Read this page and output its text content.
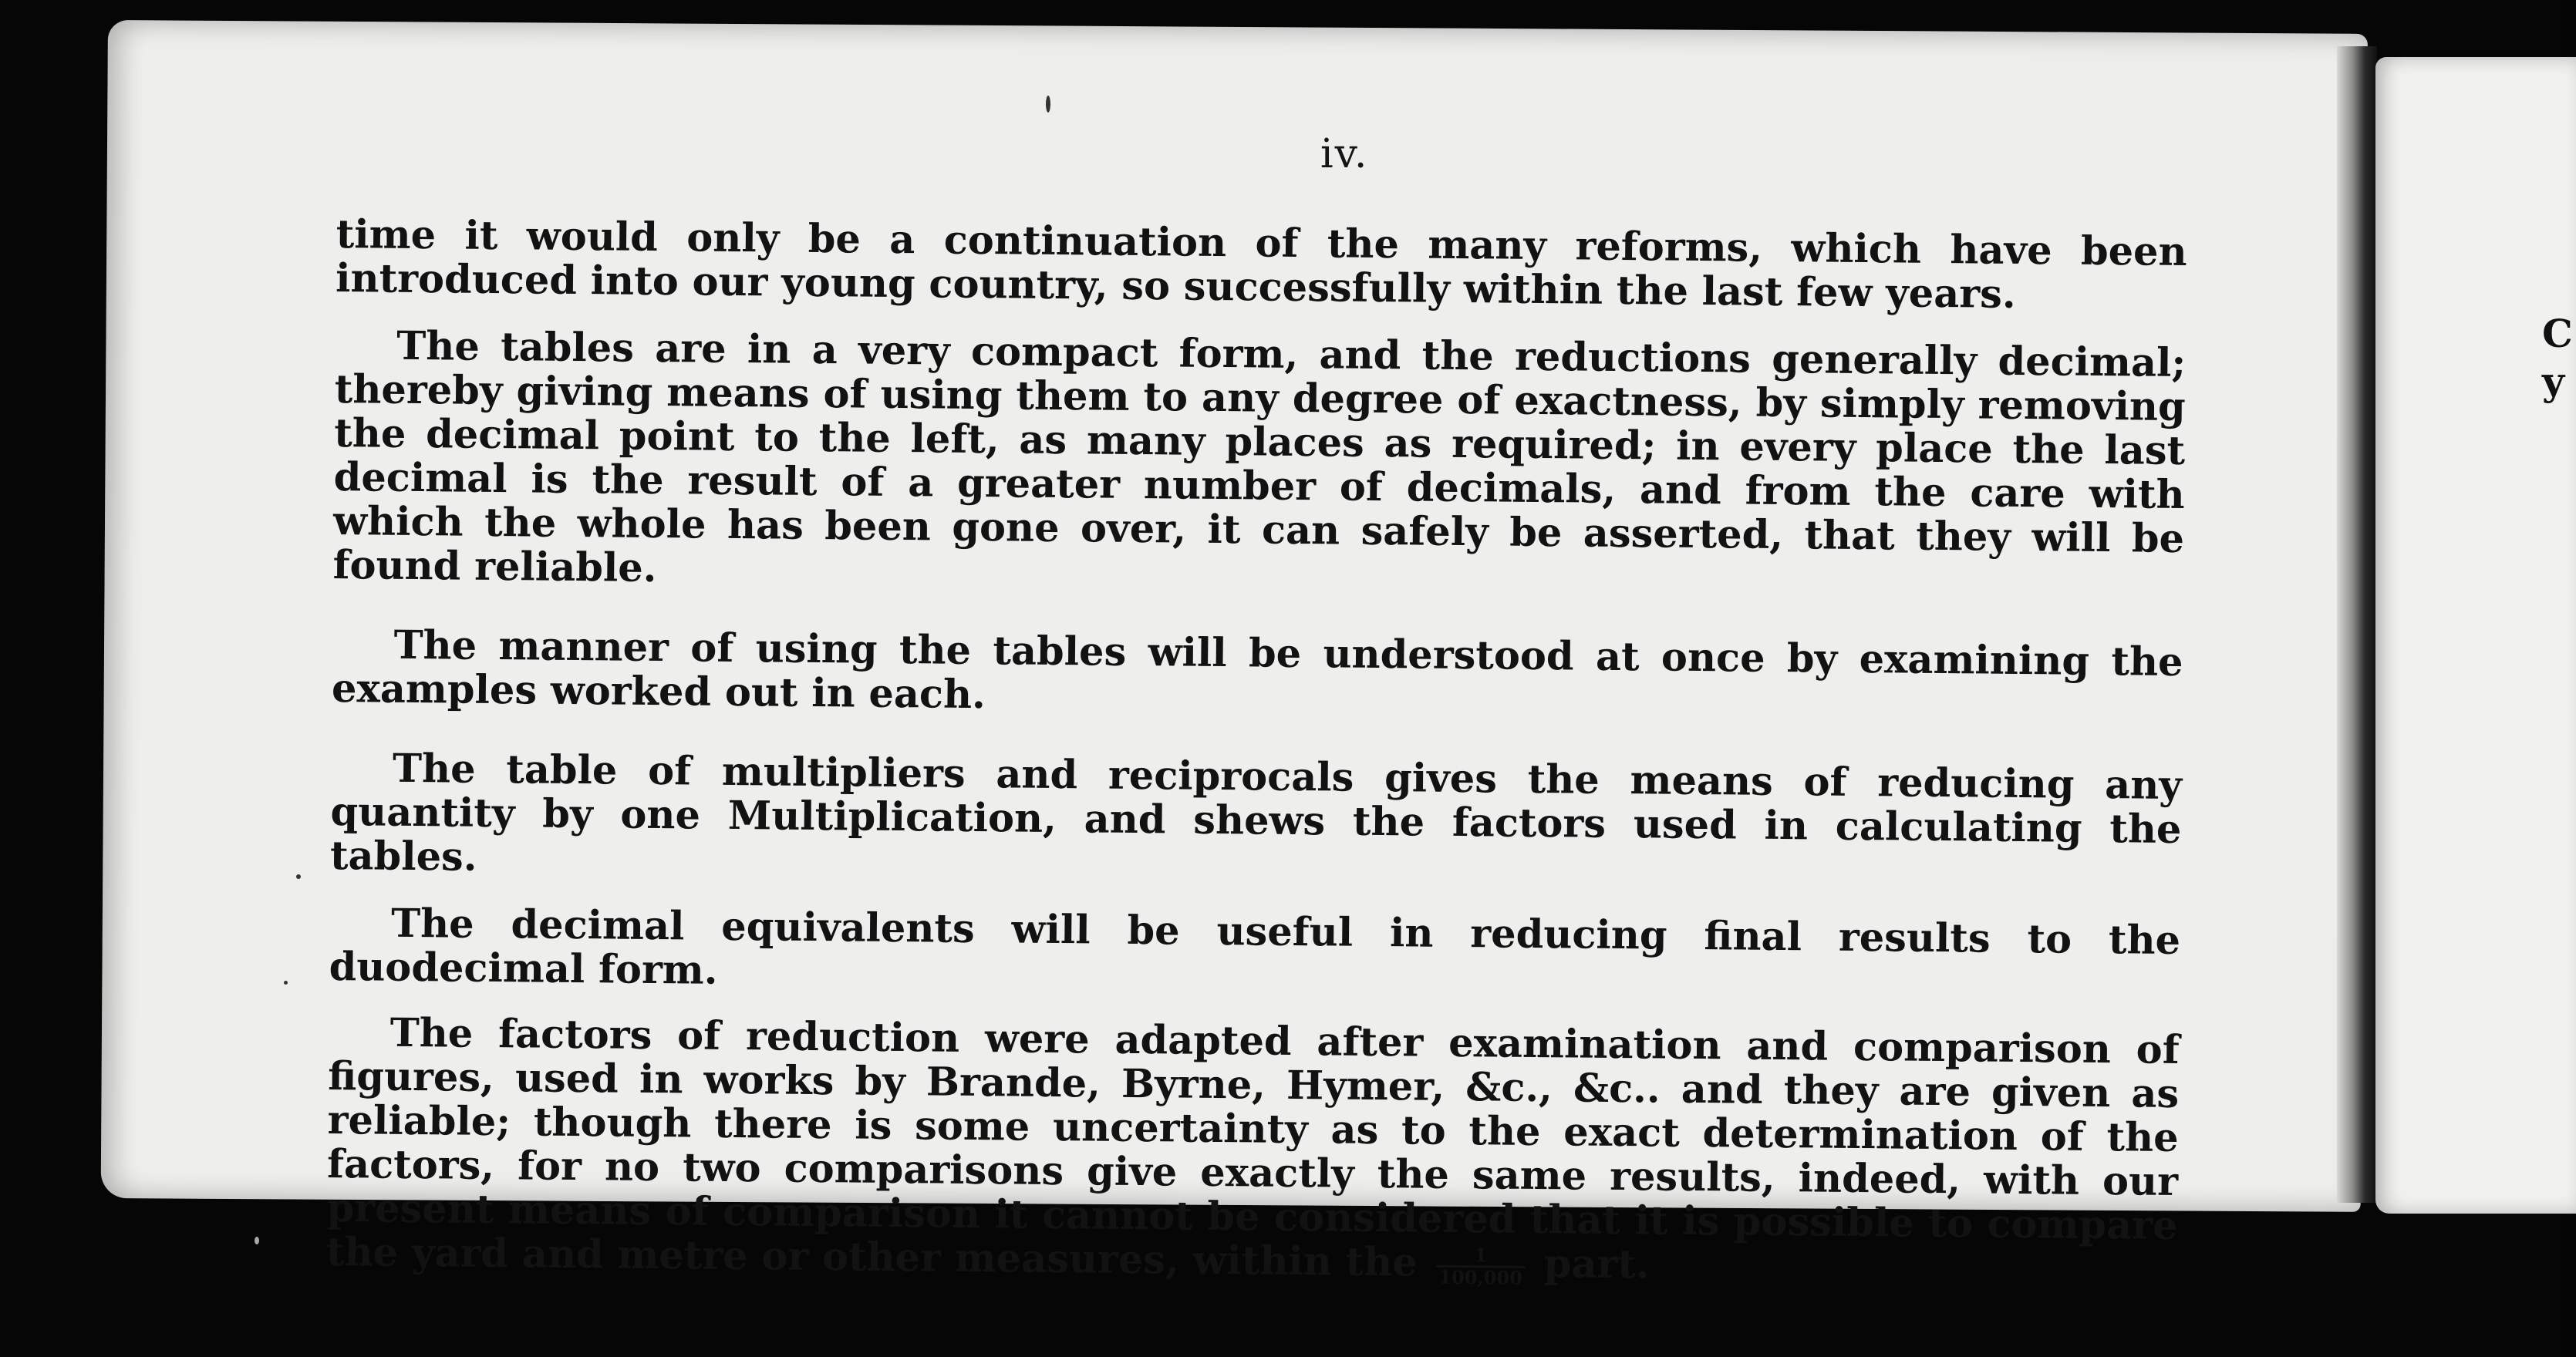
C
y
iv.

time it would only be a continuation of the many reforms, which have been introduced into our young country, so successfully within the last few years.

The tables are in a very compact form, and the reductions generally decimal; thereby giving means of using them to any degree of exactness, by simply removing the decimal point to the left, as many places as required; in every place the last decimal is the result of a greater number of decimals, and from the care with which the whole has been gone over, it can safely be asserted, that they will be found reliable.

The manner of using the tables will be understood at once by examining the examples worked out in each.

The table of multipliers and reciprocals gives the means of reducing any quantity by one Multiplication, and shews the factors used in calculating the tables.

The decimal equivalents will be useful in reducing final results to the duodecimal form.

The factors of reduction were adapted after examination and comparison of figures, used in works by Brande, Byrne, Hymer, &c., &c.. and they are given as reliable; though there is some uncertainty as to the exact determination of the factors, for no two comparisons give exactly the same results, indeed, with our present means of comparison it cannot be considered that it is possible to compare the yard and metre or other measures, within the $\frac{1}{100,000}$ part.
